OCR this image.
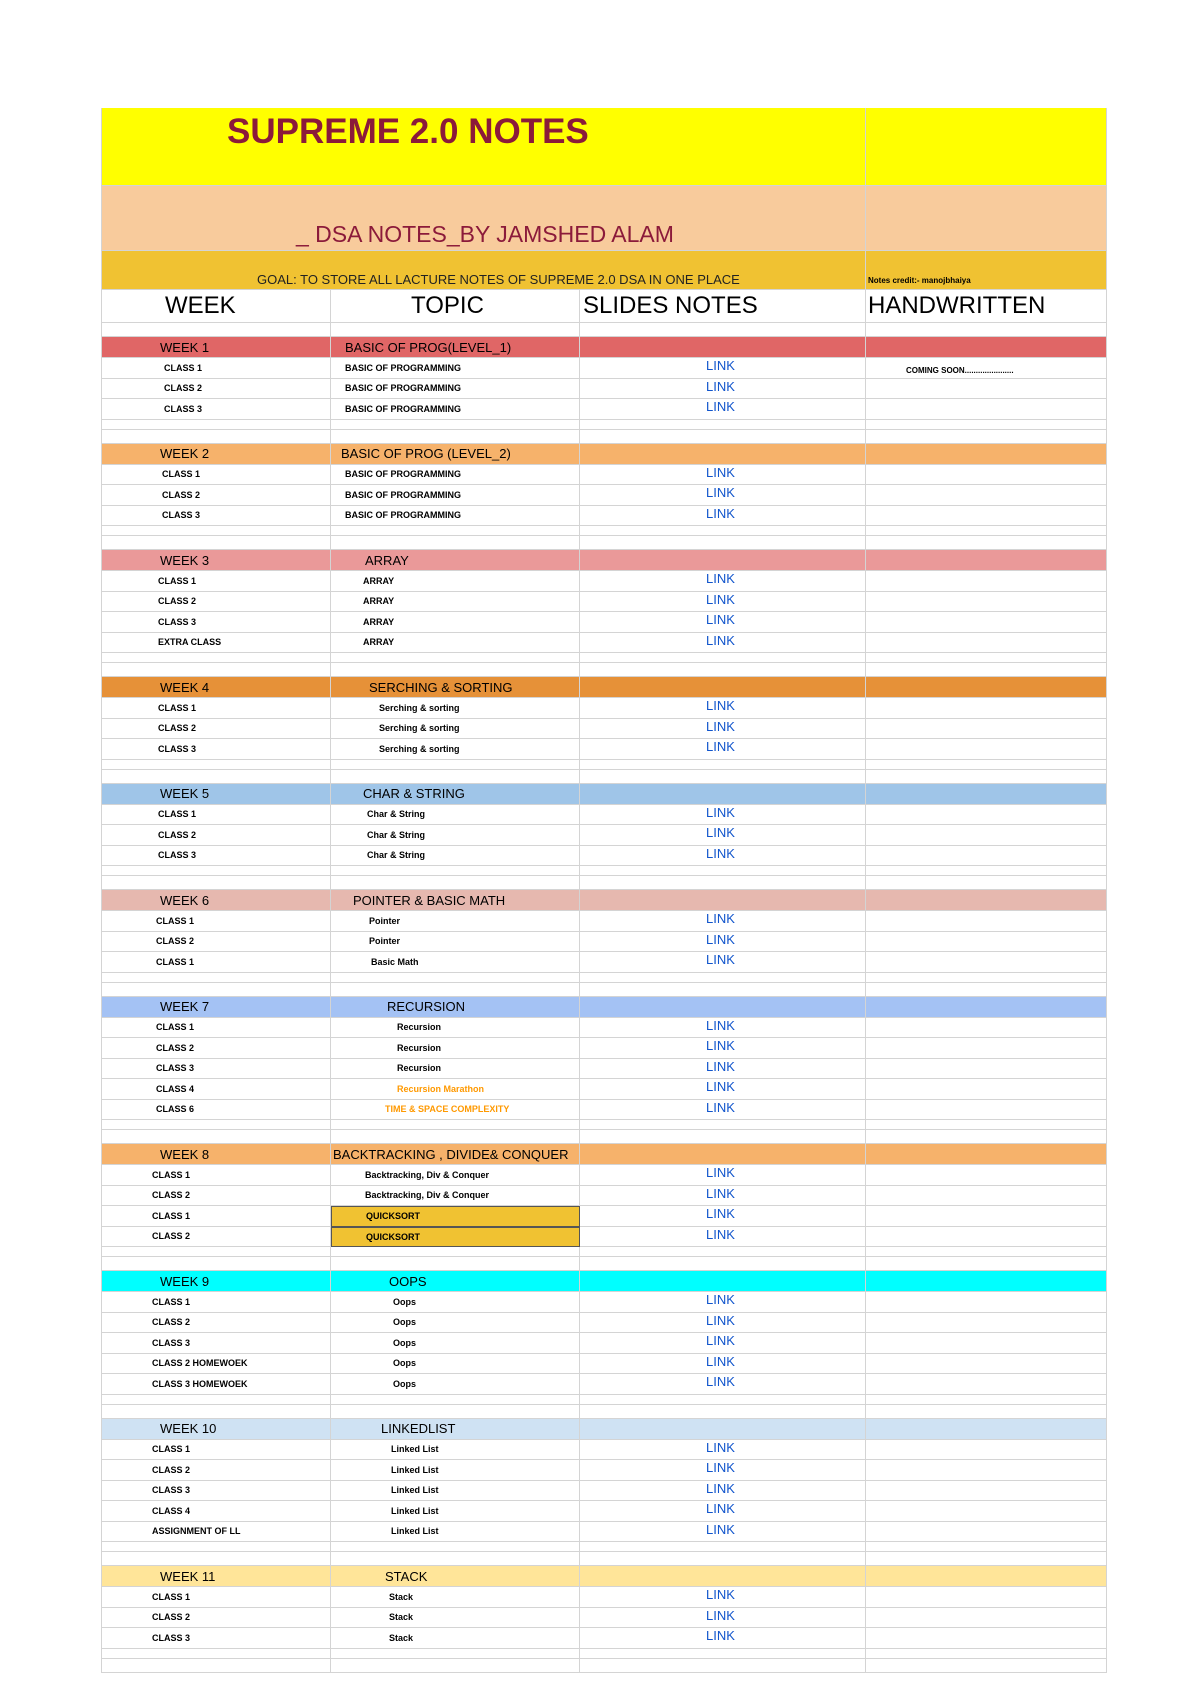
SUPREME 2.0 NOTES
_ DSA NOTES_BY JAMSHED ALAM
GOAL: TO STORE ALL LACTURE NOTES OF SUPREME 2.0 DSA IN ONE PLACE	Notes credit:- manojbhaiya
WEEK	TOPIC	SLIDES NOTES	HANDWRITTEN
WEEK 1	BASIC OF PROG(LEVEL_1)
CLASS 1	BASIC OF PROGRAMMING	LINK	COMING SOON......................
CLASS 2	BASIC OF PROGRAMMING	LINK
CLASS 3	BASIC OF PROGRAMMING	LINK
WEEK 2	BASIC OF PROG (LEVEL_2)
CLASS 1	BASIC OF PROGRAMMING	LINK
CLASS 2	BASIC OF PROGRAMMING	LINK
CLASS 3	BASIC OF PROGRAMMING	LINK
WEEK 3	ARRAY
CLASS 1	ARRAY	LINK
CLASS 2	ARRAY	LINK
CLASS 3	ARRAY	LINK
EXTRA CLASS	ARRAY	LINK
WEEK 4	SERCHING & SORTING
CLASS 1	Serching & sorting	LINK
CLASS 2	Serching & sorting	LINK
CLASS 3	Serching & sorting	LINK
WEEK 5	CHAR & STRING
CLASS 1	Char & String	LINK
CLASS 2	Char & String	LINK
CLASS 3	Char & String	LINK
WEEK 6	POINTER & BASIC MATH
CLASS 1	Pointer	LINK
CLASS 2	Pointer	LINK
CLASS 1	Basic Math	LINK
WEEK 7	RECURSION
CLASS 1	Recursion	LINK
CLASS 2	Recursion	LINK
CLASS 3	Recursion	LINK
CLASS 4	Recursion Marathon	LINK
CLASS 6	TIME & SPACE COMPLEXITY	LINK
WEEK 8	BACKTRACKING , DIVIDE& CONQUER
CLASS 1	Backtracking, Div & Conquer	LINK
CLASS 2	Backtracking, Div & Conquer	LINK
CLASS 1	QUICKSORT	LINK
CLASS 2	QUICKSORT	LINK
WEEK 9	OOPS
CLASS 1	Oops	LINK
CLASS 2	Oops	LINK
CLASS 3	Oops	LINK
CLASS 2 HOMEWOEK	Oops	LINK
CLASS 3 HOMEWOEK	Oops	LINK
WEEK 10	LINKEDLIST
CLASS 1	Linked List	LINK
CLASS 2	Linked List	LINK
CLASS 3	Linked List	LINK
CLASS 4	Linked List	LINK
ASSIGNMENT OF LL	Linked List	LINK
WEEK 11	STACK
CLASS 1	Stack	LINK
CLASS 2	Stack	LINK
CLASS 3	Stack	LINK
